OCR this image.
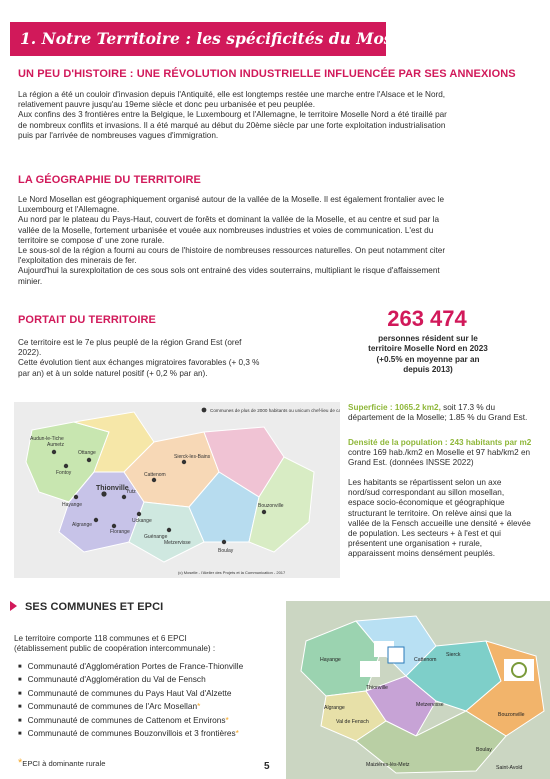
1. Notre Territoire : les spécificités du Moselle Nord
UN PEU D'HISTOIRE : UNE RÉVOLUTION INDUSTRIELLE INFLUENCÉE PAR SES ANNEXIONS
La région a été un couloir d'invasion depuis l'Antiquité, elle est longtemps restée une marche entre l'Alsace et le Nord,
relativement pauvre jusqu'au 19eme siècle et donc peu urbanisée et peu peuplée.
Aux confins des 3 frontières entre la Belgique, le Luxembourg et l'Allemagne, le territoire Moselle Nord a été tiraillé par
de nombreux conflits et invasions. Il a été marqué au début du 20ème siècle par une forte exploitation industrialisation
puis par l'arrivée de nombreuses vagues d'immigration.
LA GÉOGRAPHIE DU TERRITOIRE
Le Nord Mosellan est géographiquement organisé autour de la vallée de la Moselle. Il est également frontalier avec le
Luxembourg et l'Allemagne.
Au nord par le plateau du Pays-Haut, couvert de forêts et dominant la vallée de la Moselle, et au centre et sud par la
vallée de la Moselle, fortement urbanisée et vouée aux nombreuses industries et voies de communication. L'est du
territoire se compose d' une zone rurale.
Le sous-sol de la région a fourni au cours de l'histoire de nombreuses ressources naturelles. On peut notamment citer
l'exploitation des minerais de fer.
Aujourd'hui la surexploitation de ces sous sols ont entrainé des vides souterrains, multipliant le risque d'affaissement
minier.
PORTAIT DU TERRITOIRE
Ce territoire est le 7e plus peuplé de la région Grand Est (oref
2022).
Cette évolution tient aux échanges migratoires favorables (+ 0,3 %
par an) et à un solde naturel positif (+ 0,2 % par an).
263 474
personnes résident sur le
territoire Moselle Nord en 2023
(+0.5% en moyenne par an
depuis 2013)
Aumetz
Audun-le-Tiche
Ottange
Fontoy
Thionville
Yutz
Cattenom
Sierck-les-Bains
Hayange
Algrange
Florange
Uckange
Guénange
Metzervisse
Bouzonville
Boulay
Communes de plus de 2000 habitants ou unicum chef-lieu de canton
(c) Moselle - l'Atelier des Projets et la Communication - 2017
Superficie : 1065.2 km2, soit 17.3 % du
département de la Moselle; 1.85 % du Grand Est.
Densité de la population : 243 habitants par m2
contre 169 hab./km2 en Moselle et 97 hab/km2 en
Grand Est. (données INSSE 2022)
Les habitants se répartissent selon un axe
nord/sud correspondant au sillon mosellan,
espace socio-économique et géographique
structurant le territoire. On relève ainsi que la
vallée de la Fensch accueille une densité + élevée
de population. Les secteurs + à l'est et qui
présentent une organisation + rurale,
apparaissent moins densément peuplés.
SES COMMUNES ET EPCI
Le territoire comporte 118 communes et 6 EPCI
(établissement public de coopération intercommunale) :
■ Communauté d'Agglomération Portes de France-Thionville
■ Communauté d'Agglomération du Val de Fensch
■ Communauté de communes du Pays Haut Val d'Alzette
■ Communauté de communes de l'Arc Mosellan*
■ Communauté de communes de Cattenom et Environs*
■ Communauté de communes Bouzonvillois et 3 frontières*
*EPCI à dominante rurale
Hayange
Thionville
Algrange
Val de Fensch
Metzervisse
Bouzonville
Sierck
Cattenom
Boulay
Saint-Avold
Maizières-lès-Metz
5
